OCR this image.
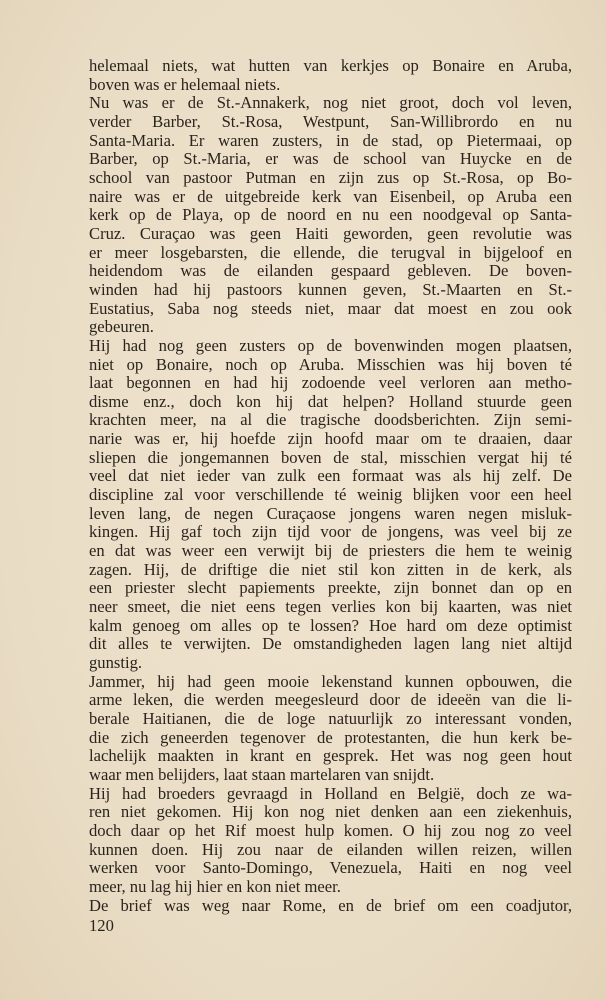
helemaal niets, wat hutten van kerkjes op Bonaire en Aruba,
boven was er helemaal niets.
Nu was er de St.-Annakerk, nog niet groot, doch vol leven,
verder Barber, St.-Rosa, Westpunt, San-Willibrordo en nu
Santa-Maria. Er waren zusters, in de stad, op Pietermaai, op
Barber, op St.-Maria, er was de school van Huycke en de
school van pastoor Putman en zijn zus op St.-Rosa, op Bo-
naire was er de uitgebreide kerk van Eisenbeil, op Aruba een
kerk op de Playa, op de noord en nu een noodgeval op Santa-
Cruz. Curaçao was geen Haiti geworden, geen revolutie was
er meer losgebarsten, die ellende, die terugval in bijgeloof en
heidendom was de eilanden gespaard gebleven. De boven-
winden had hij pastoors kunnen geven, St.-Maarten en St.-
Eustatius, Saba nog steeds niet, maar dat moest en zou ook
gebeuren.
Hij had nog geen zusters op de bovenwinden mogen plaatsen,
niet op Bonaire, noch op Aruba. Misschien was hij boven té
laat begonnen en had hij zodoende veel verloren aan metho-
disme enz., doch kon hij dat helpen? Holland stuurde geen
krachten meer, na al die tragische doodsberichten. Zijn semi-
narie was er, hij hoefde zijn hoofd maar om te draaien, daar
sliepen die jongemannen boven de stal, misschien vergat hij té
veel dat niet ieder van zulk een formaat was als hij zelf. De
discipline zal voor verschillende té weinig blijken voor een heel
leven lang, de negen Curaçaose jongens waren negen misluk-
kingen. Hij gaf toch zijn tijd voor de jongens, was veel bij ze
en dat was weer een verwijt bij de priesters die hem te weinig
zagen. Hij, de driftige die niet stil kon zitten in de kerk, als
een priester slecht papiements preekte, zijn bonnet dan op en
neer smeet, die niet eens tegen verlies kon bij kaarten, was niet
kalm genoeg om alles op te lossen? Hoe hard om deze optimist
dit alles te verwijten. De omstandigheden lagen lang niet altijd
gunstig.
Jammer, hij had geen mooie lekenstand kunnen opbouwen, die
arme leken, die werden meegesleurd door de ideeën van die li-
berale Haitianen, die de loge natuurlijk zo interessant vonden,
die zich geneerden tegenover de protestanten, die hun kerk be-
lachelijk maakten in krant en gesprek. Het was nog geen hout
waar men belijders, laat staan martelaren van snijdt.
Hij had broeders gevraagd in Holland en België, doch ze wa-
ren niet gekomen. Hij kon nog niet denken aan een ziekenhuis,
doch daar op het Rif moest hulp komen. O hij zou nog zo veel
kunnen doen. Hij zou naar de eilanden willen reizen, willen
werken voor Santo-Domingo, Venezuela, Haiti en nog veel
meer, nu lag hij hier en kon niet meer.
De brief was weg naar Rome, en de brief om een coadjutor,
120
